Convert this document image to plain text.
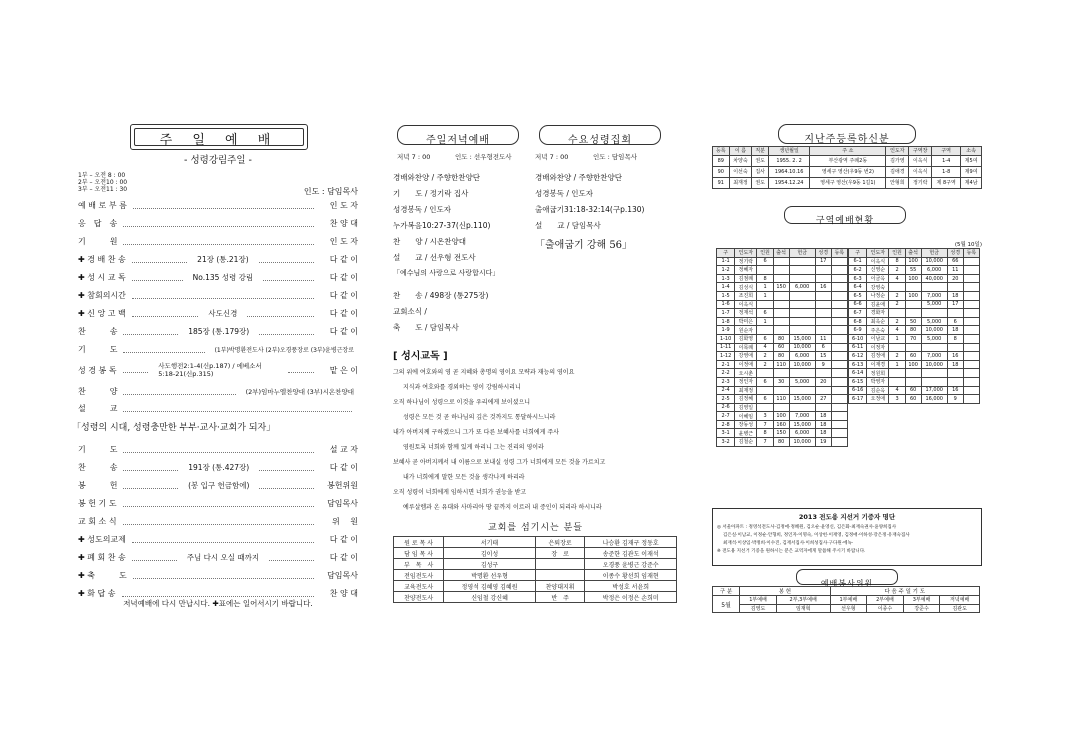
$_{주 일 예 배}$
- 성령강림주일 -
1부 – 오전 8 : 00
2부 – 오전10 : 00
3부 – 오전11 : 30	인도 : 담임목사
예 배 로 부 름	인 도 자
응　답　송	찬 양 대
기　　　원	인 도 자
✚ 경 배 찬 송	21장 (통.21장)	다 같 이
✚ 성 시 교 독	No.135 성령 강림	다 같 이
✚ 참회의시간	다 같 이
✚ 신 앙 고 백	사도신경	다 같 이
찬　　　송	185장 (통.179장)	다 같 이
기　　　도	(1부)박명환전도사 (2부)오경풍장로 (3부)윤병근장로
성 경 봉 독	사도행전2:1-4(신p.187) / 에베소서5:18-21(신p.315)	맡 은 이
찬　　　양	(2부)임마누엘찬양대 (3부)시온찬양대
설　　　교
「성령의 시대, 성령충만한 부부·교사·교회가 되자」
기　　　도	설 교 자
찬　　　송	191장 (통.427장)	다 같 이
봉　　　헌	(봉 입구 헌금함에)	봉헌위원
봉 헌 기 도	담임목사
교 회 소 식	위　 원
✚ 성도의교제	다 같 이
✚ 폐 회 찬 송	주님 다시 오실 때까지	다 같 이
✚ 축　　　도	담임목사
✚ 화 답 송	찬 양 대
저녁예배에 다시 만납시다. ✚표에는 일어서시기 바랍니다.
주일저녁예배	수요성령집회
저녁 7 : 00	인도 : 선우형전도사	저녁 7 : 00	인도 : 담임목사
경배와찬양 / 주향한찬양단
기　　도 / 정기락 집사
성경봉독 / 인도자
누가복음10:27-37(신p.110)
찬　　양 / 시온찬양대
설　　교 / 선우형 전도사
「예수님의 사랑으로 사랑합시다」
찬　　송 / 498장 (통275장)
교회소식 /
축　　도 / 담임목사
경배와찬양 / 주향한찬양단
성경봉독 / 인도자
출애굽기31:18-32:14(구p.130)
설　　교 / 담임목사
「출애굽기 강해 56」
[ 성시교독 ]
그의 위에 여호와의 영 곧 지혜와 총명의 영이요 모략과 재능의 영이요
지식과 여호와를 경외하는 영이 강림하시리니
오직 하나님이 성령으로 이것을 우리에게 보이셨으니
성령은 모든 것 곧 하나님의 깊은 것까지도 통달하시느니라
내가 아버지께 구하겠으니 그가 또 다른 보혜사를 너희에게 주사
영원토록 너희와 함께 있게 하리니 그는 진리의 영이라
보혜사 곧 아버지께서 내 이름으로 보내실 성령 그가 너희에게 모든 것을 가르치고
내가 너희에게 말한 모든 것을 생각나게 하리라
오직 성령이 너희에게 임하시면 너희가 권능을 받고
예루살렘과 온 유대와 사마리아 땅 끝까지 이르러 내 증인이 되리라 하시니라
교회를 섬기시는 분들
원 로 목 사	서기태	은퇴장로	나승환 김재구 정동호
담 임 목 사	김이성	장　로	송준한 김관도 이재석
부　목　사	김성구		오경풍 윤병근 강준수
전임전도사	박명환 선우형		이종수 황선희 임재현
교육전도사	정영석 김혜영 김혜원	찬양대지휘	박성호 서윤희
찬양전도사	신임철 강신혜	반　주	박정은 이정은 손희미
지난주등록하신분
등록	이 름	직분	생년월일	주 소	인도자	구역장	구역	소속
89	차양숙	권도	1955. 2. 2	부산광역 주례2동	김가영	이옥식	1-4	제5여
90	이선숙	집사	1964.10.16	영세구 영산(우9동 번2)	김애경	이옥식	1-8	제9여
91	최재정	권도	1954.12.24	영세구 영산(우9동 1길1)	안형희	정기락	제 8구역	제4남
구역예배현황
(5월 10일)
구	인도자	인원	출석	헌금	성경	등록
1-1	정기락	6			17	
1-2	정혜자					
1-3	김점례	8				
1-4	김성식	1	150	6,000	16	
1-5	조진희	1				
1-6	이옥식					
1-7	정재석	6				
1-8	박미은	1				
1-9	원순자					
1-10	김화영	6	80	15,000	11	
1-11	이목례	4	60	10,000	6	
1-12	강영애	2	80	6,000	15	
2-1	이정애	2	110	10,000	9	
2-2	오시춘					
2-3	정인자	6	30	5,000	20	
2-4	최재정					
2-5	김정혜	6	110	15,000	27	
2-6	김영일					
2-7	이혜임	3	100	7,000	18	
2-8	장동성	7	160	15,000	18	
3-1	윤병근	8	150	6,000	18	
3-2	김철순	7	80	10,000	19	
구	인도자	인원	출석	헌금	성경	등록
6-1	이옥식	8	100	10,000	66	
6-2	신영순	2	55	6,000	11	
6-3	이금옥	4	100	40,000	20	
6-4	강영숙					
6-5	나정순	2	100	7,000	18	
6-6	김윤애	2		5,000	17	
6-7	경화자					
6-8	최옥순	2	50	5,000	6	
6-9	주은숙	4	80	10,000	18	
6-10	이남교	1	70	5,000	8	
6-11	이정자					
6-12	김정애	2	60	7,000	16	
6-13	이재경	1	100	10,000	18	
6-14	정원희					
6-15	박영자					
6-16	김순옥	4	60	17,000	16	
6-17	오정애	3	60	16,000	9	
2013 전도용 지선거 기증자 명단
◎ 서울아파트 : 정영석전도사·김정애·정혜원, 김오순·윤영신, 김은화·최재숙권사·윤양희집사
김은실·이남교, 이정순·안형희, 정인자·이명숙, 이상헌·이재영, 김정애·이하성·강은정·유재숙집사
최재석·이상임·박정희·이수진, 김재서집사·이희성집사·구다원·에녹·
※ 전도용 지선거 기증을 원하시는 분은 교역자에게 말씀해 주시기 바랍니다.
예배봉사위원
구 분	봉 헌		다 음 주 일 기 도			
5월	1부예배	2부,3부예배	1부예배	2부예배	3부예배	저녁예배
	김영도	임재혁	선우형	이종수	강준수	김관도
